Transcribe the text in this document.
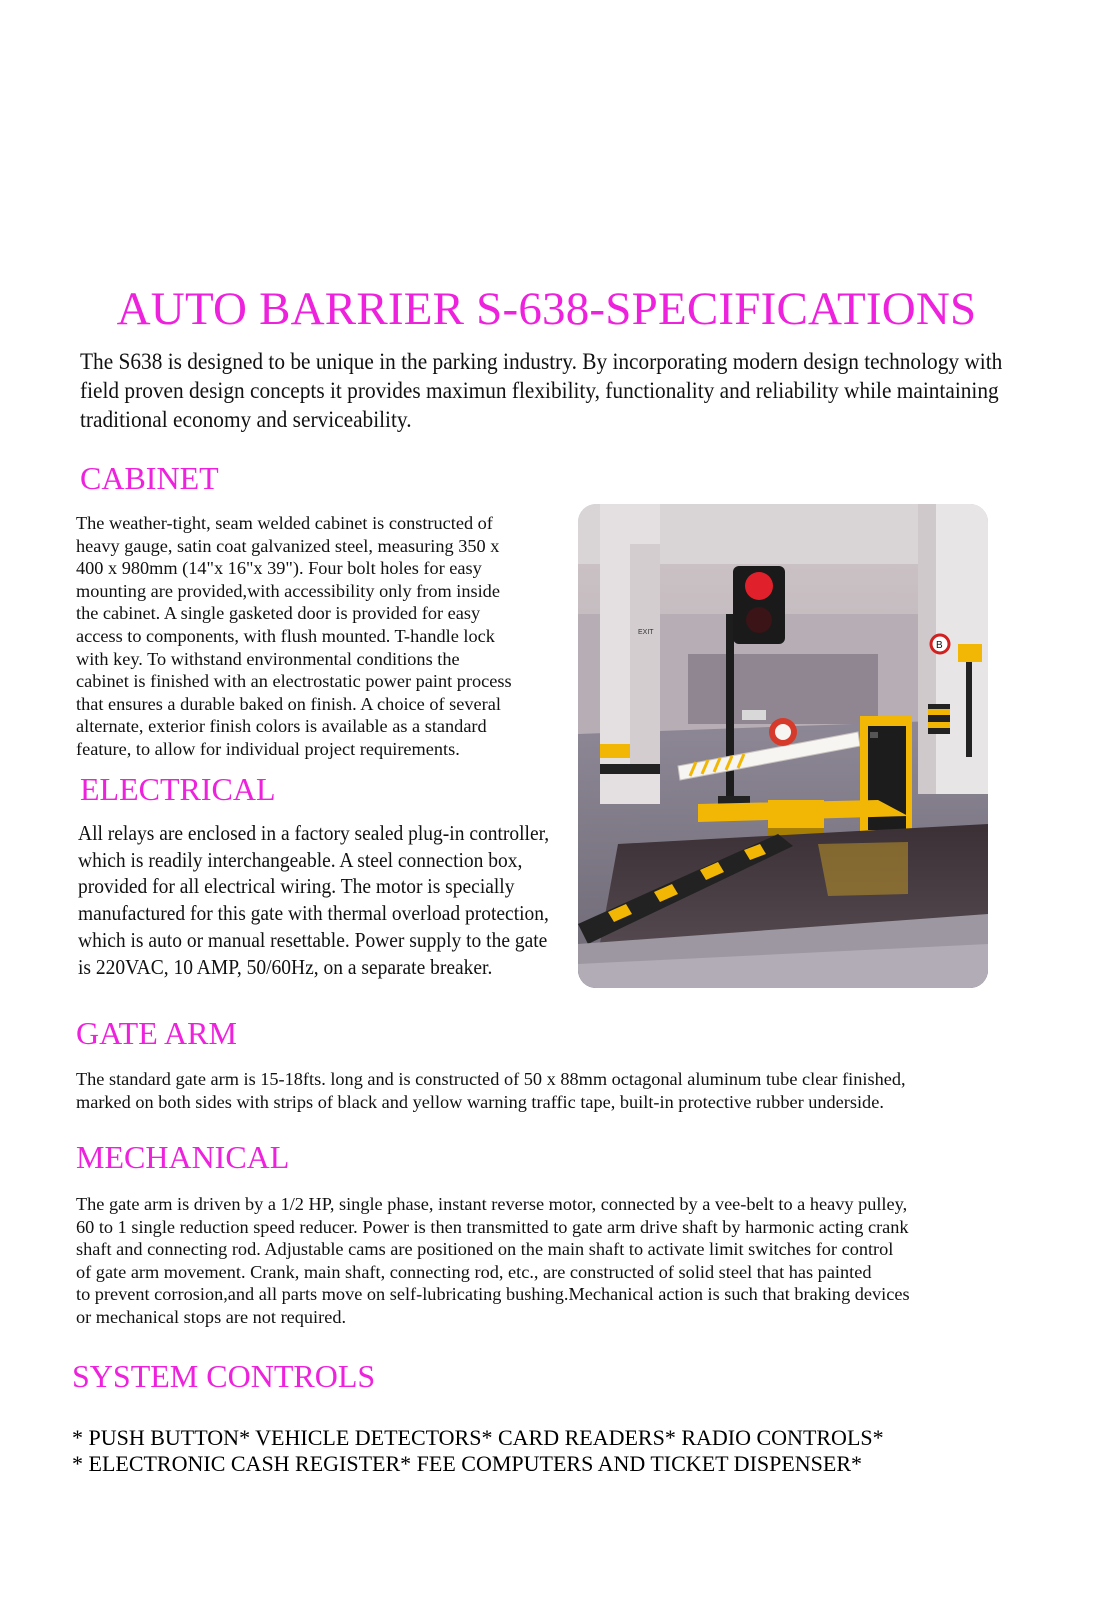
AUTO BARRIER S-638-SPECIFICATIONS
The S638 is designed to be unique in the parking industry. By incorporating modern design technology with
field proven design concepts it provides maximun flexibility, functionality and reliability while maintaining
traditional economy and serviceability.
CABINET
The weather-tight, seam welded cabinet is constructed of
heavy gauge, satin coat galvanized steel, measuring 350 x
400 x 980mm (14"x 16"x 39"). Four bolt holes for easy
mounting are provided,with accessibility only from inside
the cabinet. A single gasketed door is provided for easy
access to components, with flush mounted. T-handle lock
with key. To withstand environmental conditions the
cabinet is finished with an electrostatic power paint process
that ensures a durable baked on finish. A choice of several
alternate, exterior finish colors is available as a standard
feature, to allow for individual project requirements.
ELECTRICAL
All relays are enclosed in a factory sealed plug-in controller,
which is readily interchangeable. A steel connection box,
provided for all electrical wiring. The motor is specially
manufactured for this gate with thermal overload protection,
which is auto or manual resettable. Power supply to the gate
is 220VAC, 10 AMP, 50/60Hz, on a separate breaker.
B
EXIT
GATE ARM
The standard gate arm is 15-18fts. long and is constructed of 50 x 88mm octagonal aluminum tube clear finished,
marked on both sides with strips of black and yellow warning traffic tape, built-in protective rubber underside.
MECHANICAL
The gate arm is driven by a 1/2 HP, single phase, instant reverse motor, connected by a vee-belt to a heavy pulley,
60 to 1 single reduction speed reducer. Power is then transmitted to gate arm drive shaft by harmonic acting crank
shaft and connecting rod. Adjustable cams are positioned on the main shaft to activate limit switches for control
of gate arm movement. Crank, main shaft, connecting rod, etc., are constructed of solid steel that has painted
to prevent corrosion,and all parts move on self-lubricating bushing.Mechanical action is such that braking devices
or mechanical stops are not required.
SYSTEM CONTROLS
* PUSH BUTTON* VEHICLE DETECTORS* CARD READERS* RADIO CONTROLS*
* ELECTRONIC CASH REGISTER* FEE COMPUTERS AND TICKET DISPENSER*
